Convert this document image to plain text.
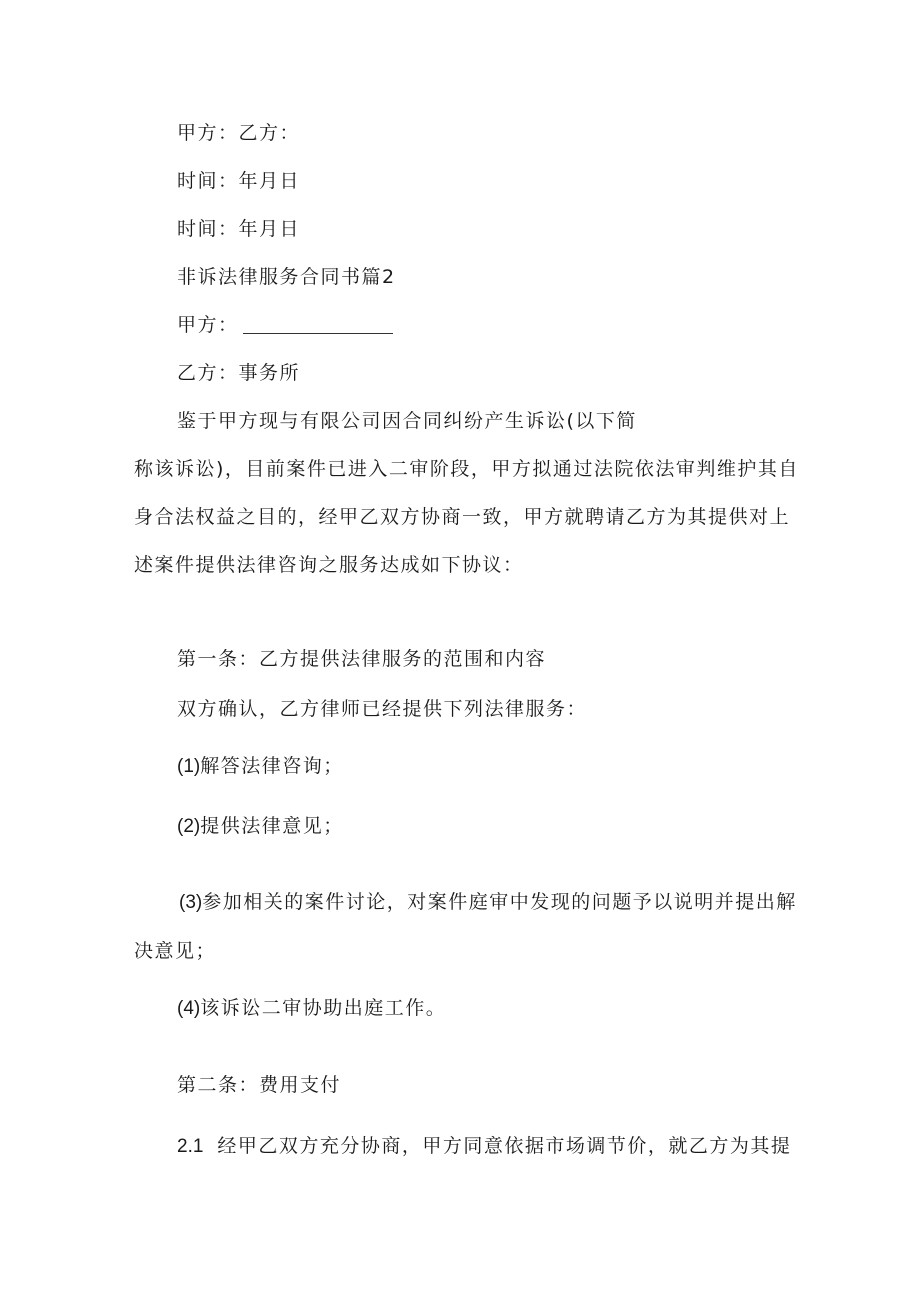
甲方：乙方：
时间：年月日
时间：年月日
非诉法律服务合同书篇2
甲方：
乙方：事务所
鉴于甲方现与有限公司因合同纠纷产生诉讼(以下简
称该诉讼)，目前案件已进入二审阶段，甲方拟通过法院依法审判维护其自
身合法权益之目的，经甲乙双方协商一致，甲方就聘请乙方为其提供对上
述案件提供法律咨询之服务达成如下协议：
第一条：乙方提供法律服务的范围和内容
双方确认，乙方律师已经提供下列法律服务：
(1)解答法律咨询；
(2)提供法律意见；
(3)参加相关的案件讨论，对案件庭审中发现的问题予以说明并提出解
决意见；
(4)该诉讼二审协助出庭工作。
第二条：费用支付
2.1 经甲乙双方充分协商，甲方同意依据市场调节价，就乙方为其提
